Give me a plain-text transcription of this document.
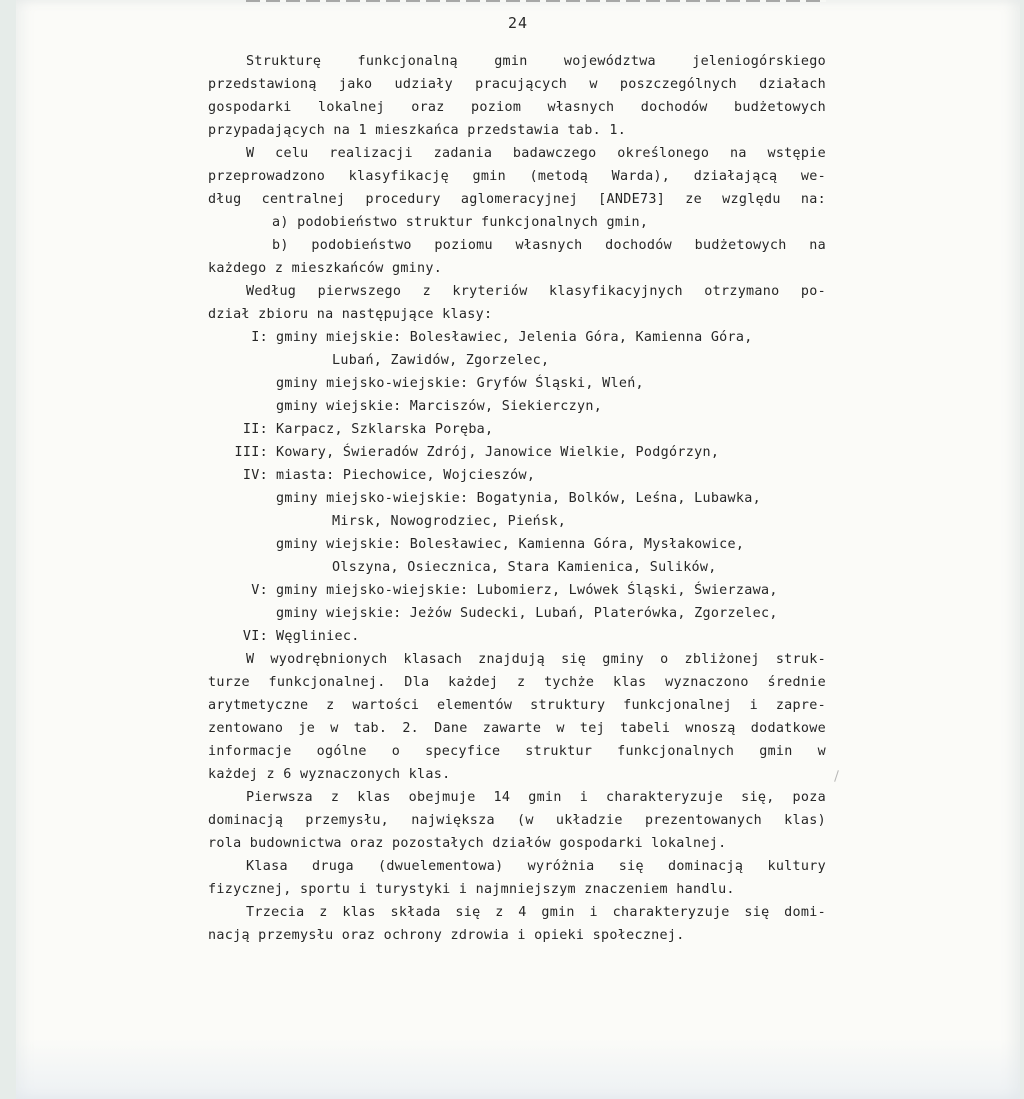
24
Strukturę funkcjonalną gmin województwa jeleniogórskiego
przedstawioną jako udziały pracujących w poszczególnych działach
gospodarki lokalnej oraz poziom własnych dochodów budżetowych
przypadających na 1 mieszkańca przedstawia tab. 1.
W celu realizacji zadania badawczego określonego na wstępie
przeprowadzono klasyfikację gmin (metodą Warda), działającą we-
dług centralnej procedury aglomeracyjnej [ANDE73] ze względu na:
a) podobieństwo struktur funkcjonalnych gmin,
b) podobieństwo poziomu własnych dochodów budżetowych na
każdego z mieszkańców gminy.
Według pierwszego z kryteriów klasyfikacyjnych otrzymano po-
dział zbioru na następujące klasy:
I: gminy miejskie: Bolesławiec, Jelenia Góra, Kamienna Góra,
Lubań, Zawidów, Zgorzelec,
gminy miejsko-wiejskie: Gryfów Śląski, Wleń,
gminy wiejskie: Marciszów, Siekierczyn,
II: Karpacz, Szklarska Poręba,
III: Kowary, Świeradów Zdrój, Janowice Wielkie, Podgórzyn,
IV: miasta: Piechowice, Wojcieszów,
gminy miejsko-wiejskie: Bogatynia, Bolków, Leśna, Lubawka,
Mirsk, Nowogrodziec, Pieńsk,
gminy wiejskie: Bolesławiec, Kamienna Góra, Mysłakowice,
Olszyna, Osiecznica, Stara Kamienica, Sulików,
V: gminy miejsko-wiejskie: Lubomierz, Lwówek Śląski, Świerzawa,
gminy wiejskie: Jeżów Sudecki, Lubań, Platerówka, Zgorzelec,
VI: Węgliniec.
W wyodrębnionych klasach znajdują się gminy o zbliżonej struk-
turze funkcjonalnej. Dla każdej z tychże klas wyznaczono średnie
arytmetyczne z wartości elementów struktury funkcjonalnej i zapre-
zentowano je w tab. 2. Dane zawarte w tej tabeli wnoszą dodatkowe
informacje ogólne o specyfice struktur funkcjonalnych gmin w
każdej z 6 wyznaczonych klas.
Pierwsza z klas obejmuje 14 gmin i charakteryzuje się, poza
dominacją przemysłu, największa (w układzie prezentowanych klas)
rola budownictwa oraz pozostałych działów gospodarki lokalnej.
Klasa druga (dwuelementowa) wyróżnia się dominacją kultury
fizycznej, sportu i turystyki i najmniejszym znaczeniem handlu.
Trzecia z klas składa się z 4 gmin i charakteryzuje się domi-
nacją przemysłu oraz ochrony zdrowia i opieki społecznej.
